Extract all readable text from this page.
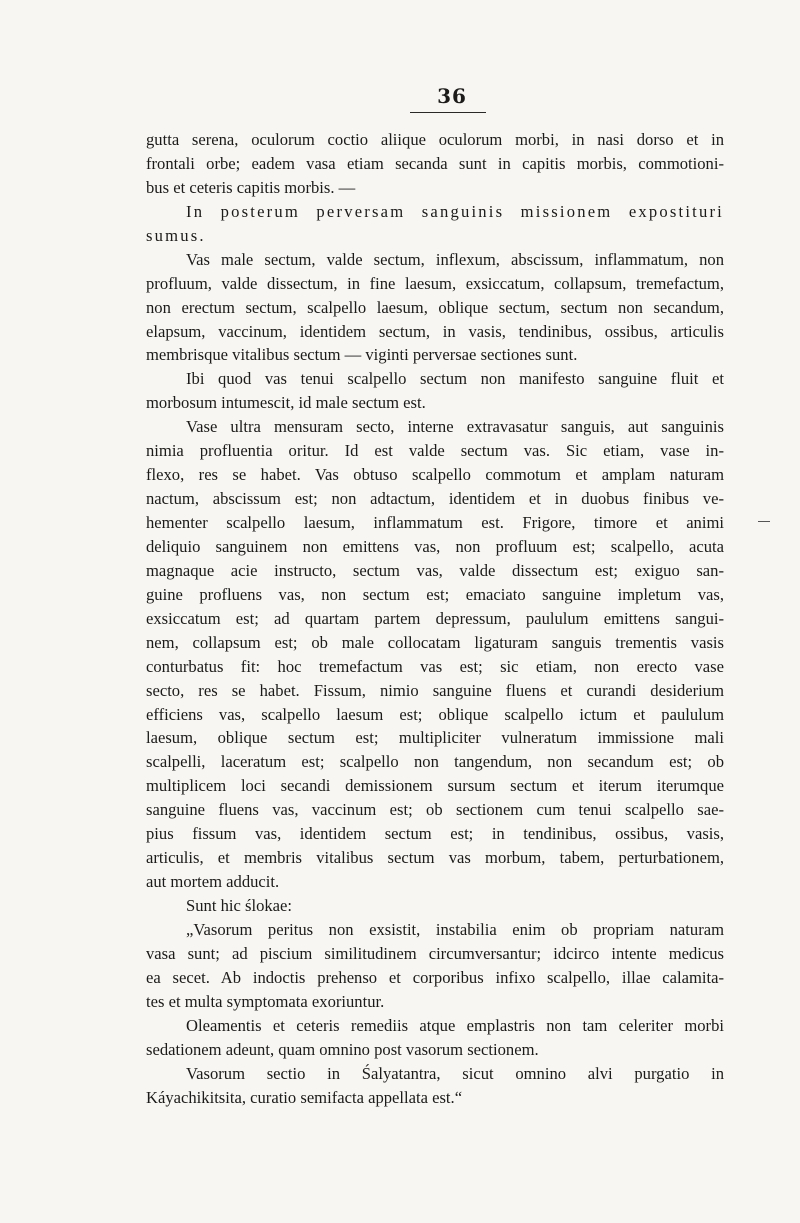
36
gutta serena, oculorum coctio aliique oculorum morbi, in nasi dorso et in
frontali orbe; eadem vasa etiam secanda sunt in capitis morbis, commotioni-
bus et ceteris capitis morbis. —
In posterum perversam sanguinis missionem expostituri
sumus.
Vas male sectum, valde sectum, inflexum, abscissum, inflammatum, non
profluum, valde dissectum, in fine laesum, exsiccatum, collapsum, tremefactum,
non erectum sectum, scalpello laesum, oblique sectum, sectum non secandum,
elapsum, vaccinum, identidem sectum, in vasis, tendinibus, ossibus, articulis
membrisque vitalibus sectum — viginti perversae sectiones sunt.
Ibi quod vas tenui scalpello sectum non manifesto sanguine fluit et
morbosum intumescit, id male sectum est.
Vase ultra mensuram secto, interne extravasatur sanguis, aut sanguinis
nimia profluentia oritur. Id est valde sectum vas. Sic etiam, vase in-
flexo, res se habet. Vas obtuso scalpello commotum et amplam naturam
nactum, abscissum est; non adtactum, identidem et in duobus finibus ve-
hementer scalpello laesum, inflammatum est. Frigore, timore et animi
deliquio sanguinem non emittens vas, non profluum est; scalpello, acuta
magnaque acie instructo, sectum vas, valde dissectum est; exiguo san-
guine profluens vas, non sectum est; emaciato sanguine impletum vas,
exsiccatum est; ad quartam partem depressum, paululum emittens sangui-
nem, collapsum est; ob male collocatam ligaturam sanguis trementis vasis
conturbatus fit: hoc tremefactum vas est; sic etiam, non erecto vase
secto, res se habet. Fissum, nimio sanguine fluens et curandi desiderium
efficiens vas, scalpello laesum est; oblique scalpello ictum et paululum
laesum, oblique sectum est; multipliciter vulneratum immissione mali
scalpelli, laceratum est; scalpello non tangendum, non secandum est; ob
multiplicem loci secandi demissionem sursum sectum et iterum iterumque
sanguine fluens vas, vaccinum est; ob sectionem cum tenui scalpello sae-
pius fissum vas, identidem sectum est; in tendinibus, ossibus, vasis,
articulis, et membris vitalibus sectum vas morbum, tabem, perturbationem,
aut mortem adducit.
Sunt hic ślokae:
„Vasorum peritus non exsistit, instabilia enim ob propriam naturam
vasa sunt; ad piscium similitudinem circumversantur; idcirco intente medicus
ea secet. Ab indoctis prehenso et corporibus infixo scalpello, illae calamita-
tes et multa symptomata exoriuntur.
Oleamentis et ceteris remediis atque emplastris non tam celeriter morbi
sedationem adeunt, quam omnino post vasorum sectionem.
Vasorum sectio in Śalyatantra, sicut omnino alvi purgatio in
Káyachikitsita, curatio semifacta appellata est.“
